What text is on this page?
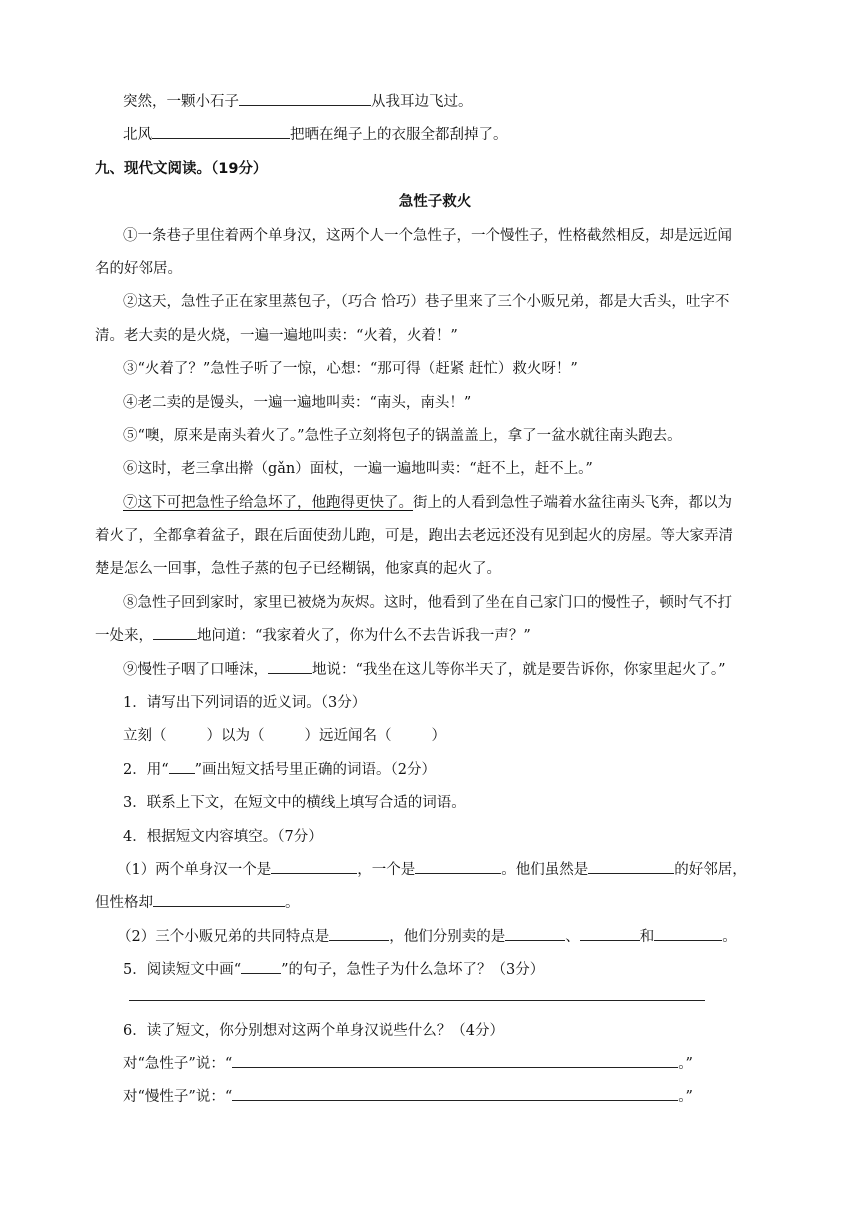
突然，一颗小石子	从我耳边飞过。
北风	把晒在绳子上的衣服全都刮掉了。
九、现代文阅读。（19分）
急性子救火
①一条巷子里住着两个单身汉，这两个人一个急性子，一个慢性子，性格截然相反，却是远近闻
名的好邻居。
②这天，急性子正在家里蒸包子，（巧合 恰巧）巷子里来了三个小贩兄弟，都是大舌头，吐字不
清。老大卖的是火烧，一遍一遍地叫卖：“火着，火着！”
③“火着了？”急性子听了一惊，心想：“那可得（赶紧 赶忙）救火呀！”
④老二卖的是馒头，一遍一遍地叫卖：“南头，南头！”
⑤“噢，原来是南头着火了。”急性子立刻将包子的锅盖盖上，拿了一盆水就往南头跑去。
⑥这时，老三拿出擀（gǎn）面杖，一遍一遍地叫卖：“赶不上，赶不上。”
⑦这下可把急性子给急坏了，他跑得更快了。街上的人看到急性子端着水盆往南头飞奔，都以为
着火了，全都拿着盆子，跟在后面使劲儿跑，可是，跑出去老远还没有见到起火的房屋。等大家弄清
楚是怎么一回事，急性子蒸的包子已经糊锅，他家真的起火了。
⑧急性子回到家时，家里已被烧为灰烬。这时，他看到了坐在自己家门口的慢性子，顿时气不打
一处来，	地问道：“我家着火了，你为什么不去告诉我一声？”
⑨慢性子咽了口唾沫，	地说：“我坐在这儿等你半天了，就是要告诉你，你家里起火了。”
1．请写出下列词语的近义词。（3分）
立刻（	）以为（	）远近闻名（	）
2．用“ ”画出短文括号里正确的词语。（2分）
3．联系上下文，在短文中的横线上填写合适的词语。
4．根据短文内容填空。（7分）
（1）两个单身汉一个是	，一个是	。他们虽然是	的好邻居，
但性格却	。
（2）三个小贩兄弟的共同特点是	，他们分别卖的是	、	和	。
5．阅读短文中画“	”的句子，急性子为什么急坏了？（3分）
6．读了短文，你分别想对这两个单身汉说些什么？（4分）
对“急性子”说：“	。”
对“慢性子”说：“	。”
